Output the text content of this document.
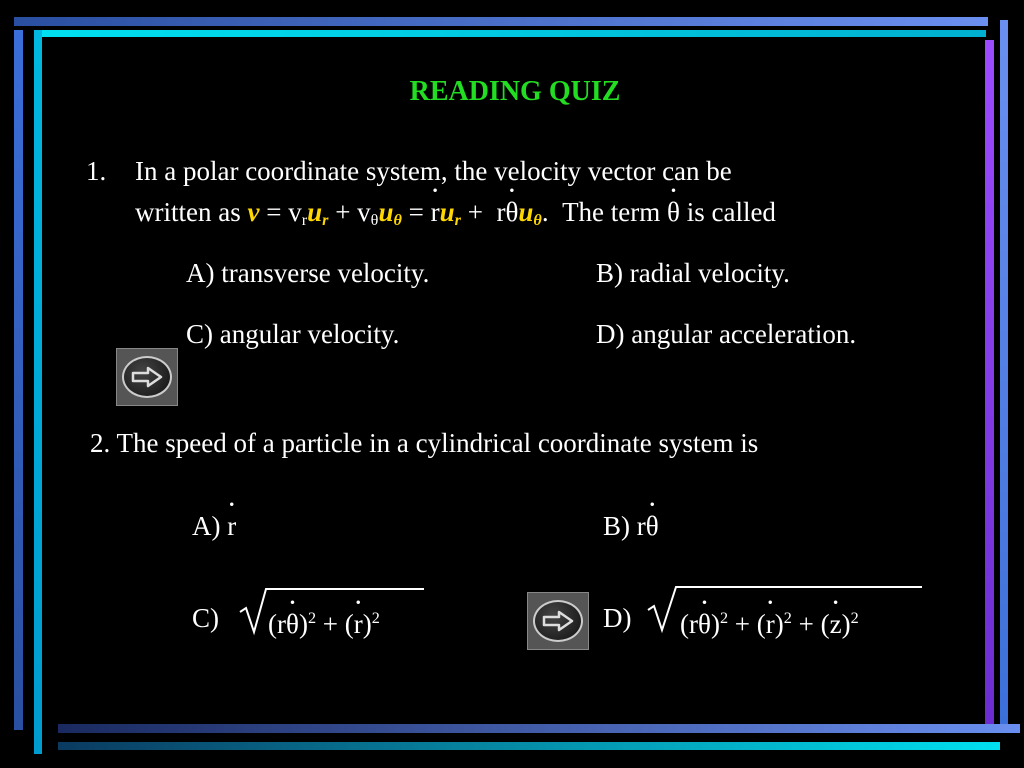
READING QUIZ
1. In a polar coordinate system, the velocity vector can be
written as $v = v_ru_r + v_\theta u_\theta$ = · $ru_r + r\cdot \theta u_\theta$. The term · θ is called
A) transverse velocity.	B) radial velocity.
C) angular velocity.	D) angular acceleration.
2. The speed of a particle in a cylindrical coordinate system is
A) · r	B) r· θ
C) $(r\cdot \theta)^2$ + (· r)$^2$	D) $(r\cdot \theta)^2$ + (· r)$^2$ + (· z)$^2$
